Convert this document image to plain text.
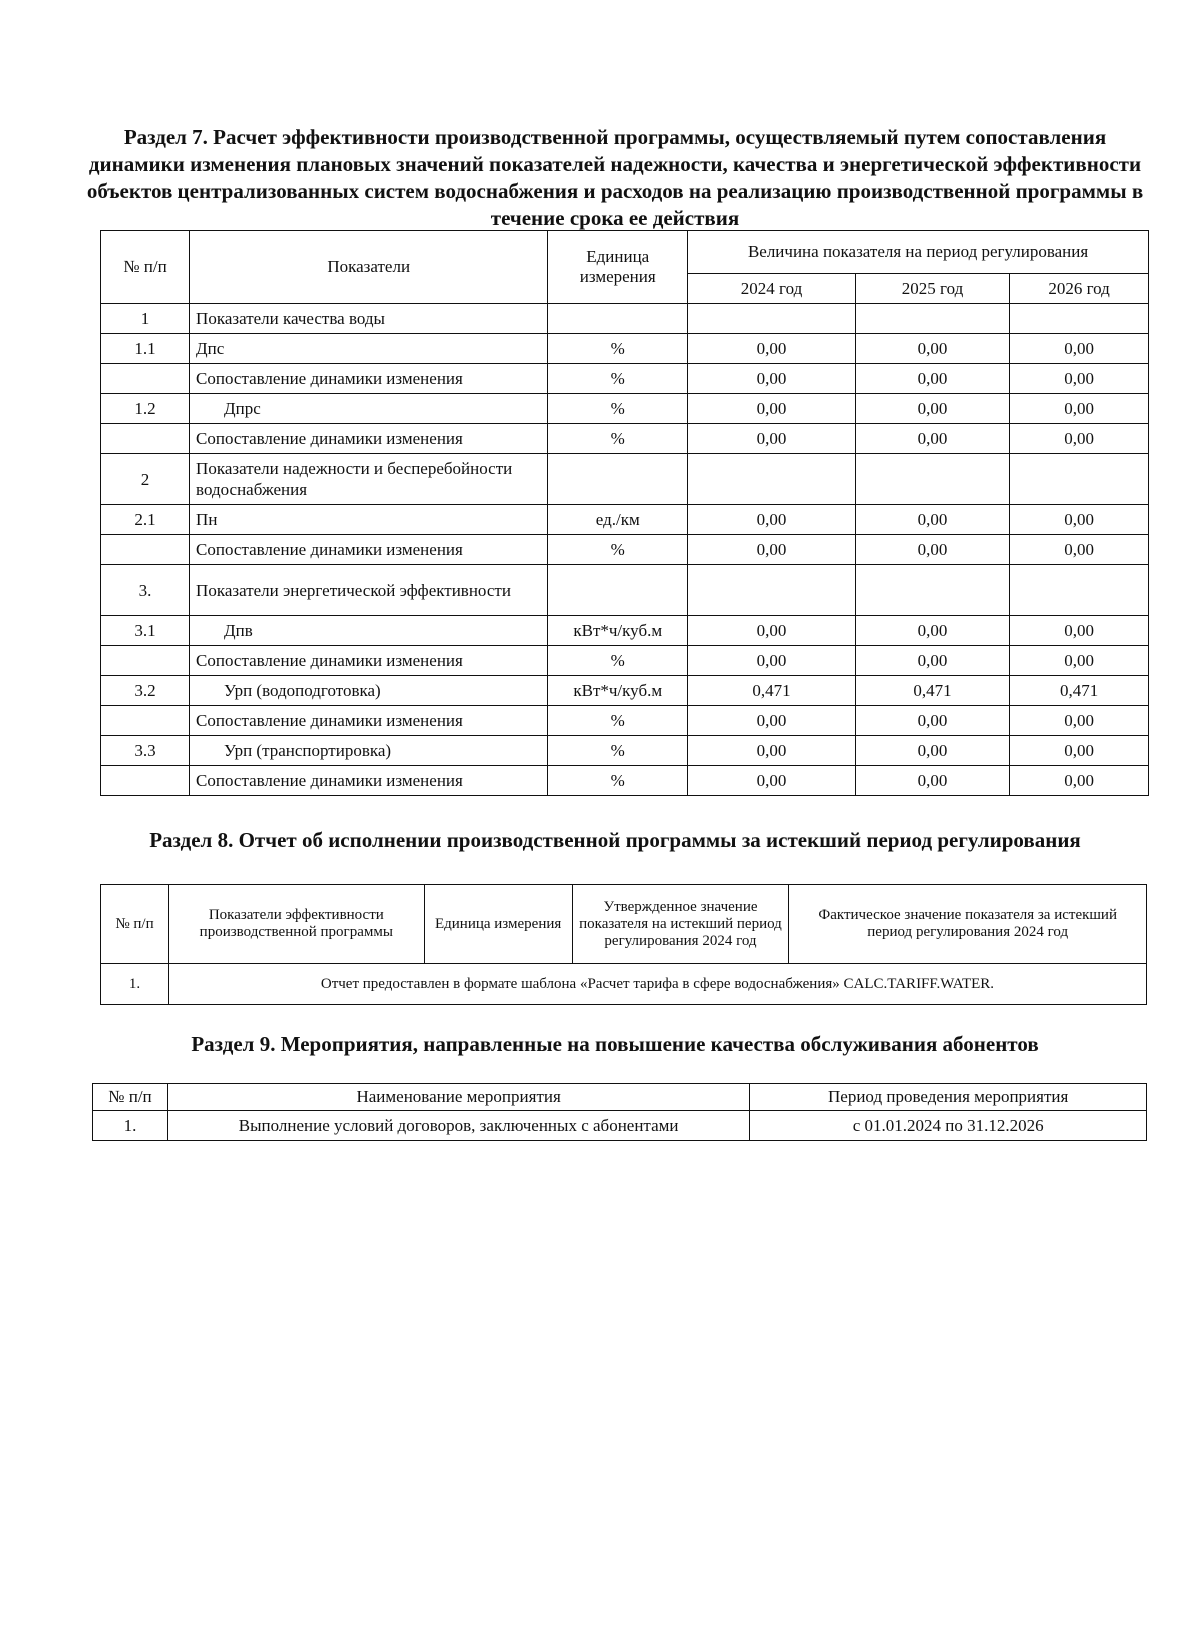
Раздел 7. Расчет эффективности производственной программы, осуществляемый путем сопоставления динамики изменения плановых значений показателей надежности, качества и энергетической эффективности объектов централизованных систем водоснабжения и расходов на реализацию производственной программы в течение срока ее действия
№ п/п	Показатели	Единица измерения	Величина показателя на период регулирования		
			2024 год	2025 год	2026 год
1	Показатели качества воды				
1.1	Дпс	%	0,00	0,00	0,00
	Сопоставление динамики изменения	%	0,00	0,00	0,00
1.2	Дпрс	%	0,00	0,00	0,00
	Сопоставление динамики изменения	%	0,00	0,00	0,00
2	Показатели надежности и бесперебойности водоснабжения				
2.1	Пн	ед./км	0,00	0,00	0,00
	Сопоставление динамики изменения	%	0,00	0,00	0,00
3.	Показатели энергетической эффективности				
3.1	Дпв	кВт*ч/куб.м	0,00	0,00	0,00
	Сопоставление динамики изменения	%	0,00	0,00	0,00
3.2	Урп (водоподготовка)	кВт*ч/куб.м	0,471	0,471	0,471
	Сопоставление динамики изменения	%	0,00	0,00	0,00
3.3	Урп (транспортировка)	%	0,00	0,00	0,00
	Сопоставление динамики изменения	%	0,00	0,00	0,00
Раздел 8. Отчет об исполнении производственной программы за истекший период регулирования
№ п/п	Показатели эффективности производственной программы	Единица измерения	Утвержденное значение показателя на истекший период регулирования 2024 год	Фактическое значение показателя за истекший период регулирования 2024 год
1.	Отчет предоставлен в формате шаблона «Расчет тарифа в сфере водоснабжения» CALC.TARIFF.WATER.			
Раздел 9. Мероприятия, направленные на повышение качества обслуживания абонентов
№ п/п	Наименование мероприятия	Период проведения мероприятия
1.	Выполнение условий договоров, заключенных с абонентами	с 01.01.2024 по 31.12.2026
